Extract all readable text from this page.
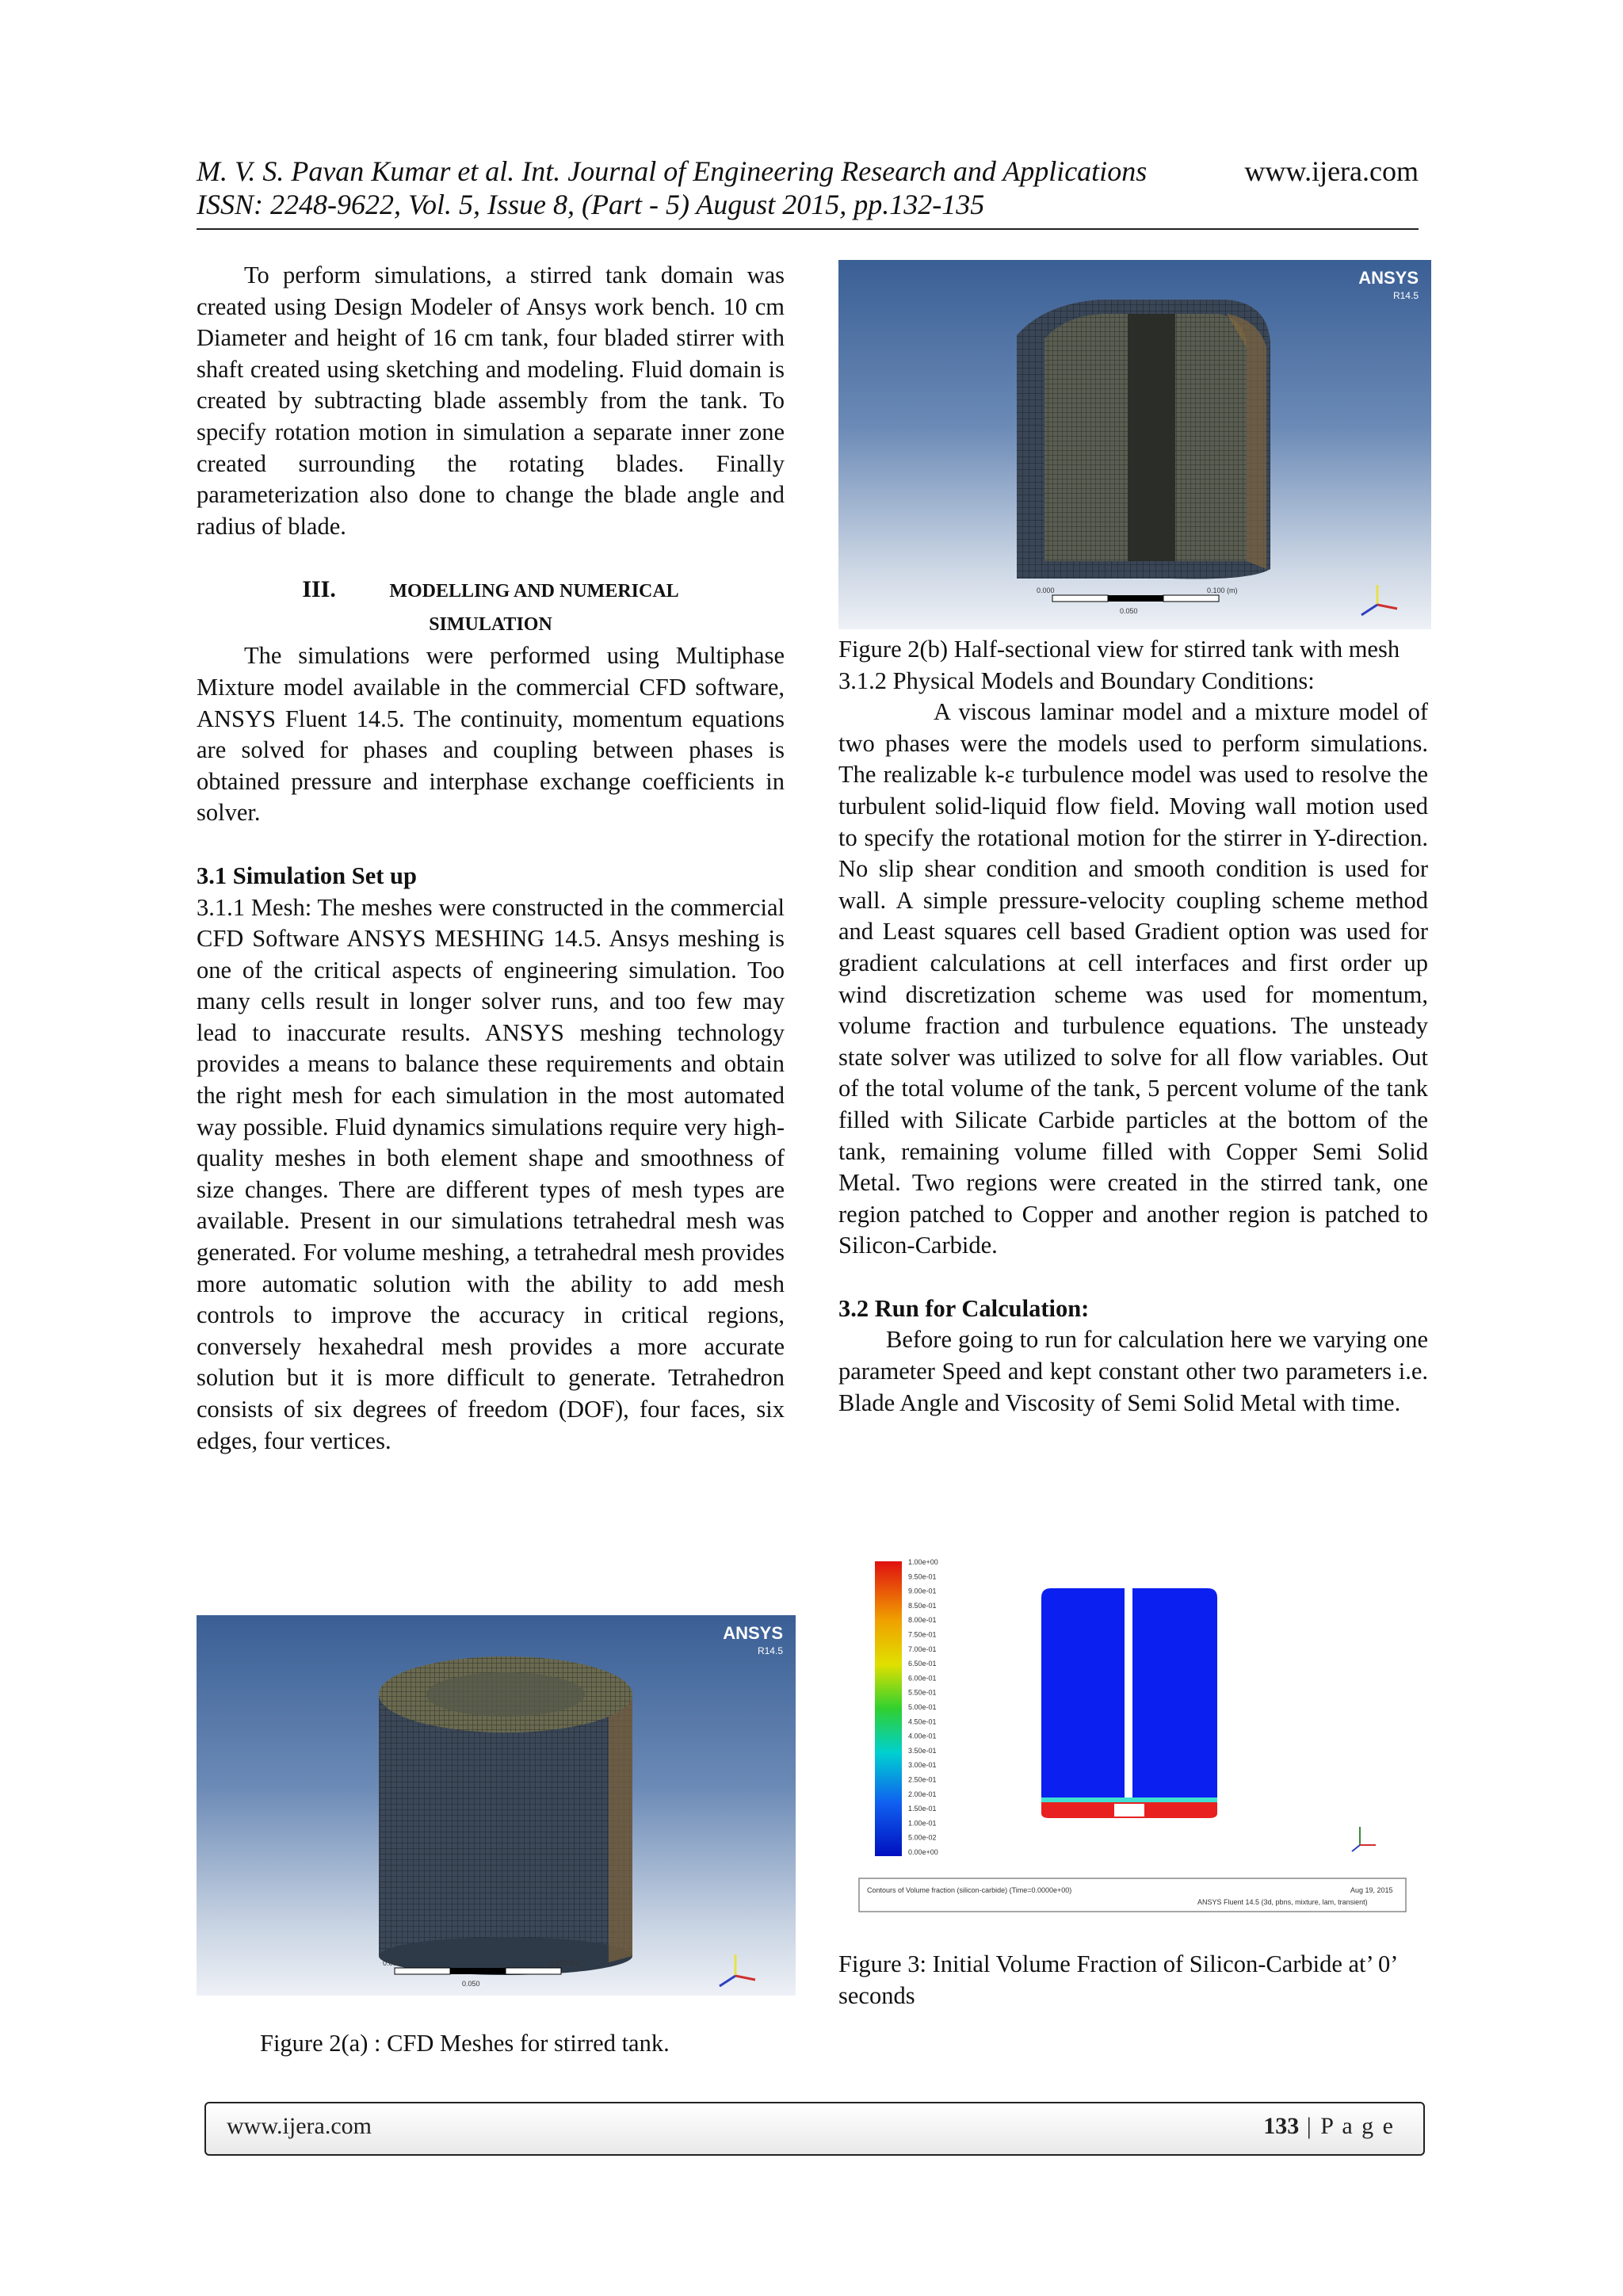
M. V. S. Pavan Kumar et al. Int. Journal of Engineering Research and Applications	www.ijera.com
ISSN: 2248-9622, Vol. 5, Issue 8, (Part - 5) August 2015, pp.132-135

To perform simulations, a stirred tank domain was created using Design Modeler of Ansys work bench. 10 cm Diameter and height of 16 cm tank, four bladed stirrer with shaft created using sketching and modeling. Fluid domain is created by subtracting blade assembly from the tank. To specify rotation motion in simulation a separate inner zone created surrounding the rotating blades. Finally parameterization also done to change the blade angle and radius of blade.

III.	MODELLING AND NUMERICAL

SIMULATION

The simulations were performed using Multiphase Mixture model available in the commercial CFD software, ANSYS Fluent 14.5. The continuity, momentum equations are solved for phases and coupling between phases is obtained pressure and interphase exchange coefficients in solver.

3.1 Simulation Set up

3.1.1 Mesh: The meshes were constructed in the commercial CFD Software ANSYS MESHING 14.5. Ansys meshing is one of the critical aspects of engineering simulation. Too many cells result in longer solver runs, and too few may lead to inaccurate results. ANSYS meshing technology provides a means to balance these requirements and obtain the right mesh for each simulation in the most automated way possible. Fluid dynamics simulations require very high-quality meshes in both element shape and smoothness of size changes. There are different types of mesh types are available. Present in our simulations tetrahedral mesh was generated. For volume meshing, a tetrahedral mesh provides more automatic solution with the ability to add mesh controls to improve the accuracy in critical regions, conversely hexahedral mesh provides a more accurate solution but it is more difficult to generate. Tetrahedron consists of six degrees of freedom (DOF), four faces, six edges, four vertices.

ANSYS
R14.5
0.000	0.100 (m)
0.050

Figure 2(b) Half-sectional view for stirred tank with mesh

3.1.2 Physical Models and Boundary Conditions:

A viscous laminar model and a mixture model of two phases were the models used to perform simulations. The realizable k-ε turbulence model was used to resolve the turbulent solid-liquid flow field. Moving wall motion used to specify the rotational motion for the stirrer in Y-direction. No slip shear condition and smooth condition is used for wall. A simple pressure-velocity coupling scheme method and Least squares cell based Gradient option was used for gradient calculations at cell interfaces and first order up wind discretization scheme was used for momentum, volume fraction and turbulence equations. The unsteady state solver was utilized to solve for all flow variables. Out of the total volume of the tank, 5 percent volume of the tank filled with Silicate Carbide particles at the bottom of the tank, remaining volume filled with Copper Semi Solid Metal. Two regions were created in the stirred tank, one region patched to Copper and another region is patched to Silicon-Carbide.

3.2 Run for Calculation:

Before going to run for calculation here we varying one parameter Speed and kept constant other two parameters i.e. Blade Angle and Viscosity of Semi Solid Metal with time.

ANSYS
R14.5
0.000	0.100 (m)
0.050
Figure 2(a) : CFD Meshes for stirred tank.
1.00e+00
9.50e-01
9.00e-01
8.50e-01
8.00e-01
7.50e-01
7.00e-01
6.50e-01
6.00e-01
5.50e-01
5.00e-01
4.50e-01
4.00e-01
3.50e-01
3.00e-01
2.50e-01
2.00e-01
1.50e-01
1.00e-01
5.00e-02
0.00e+00
Contours of Volume fraction (silicon-carbide) (Time=0.0000e+00)	Aug 19, 2015
ANSYS Fluent 14.5 (3d, pbns, mixture, lam, transient)
Figure 3: Initial Volume Fraction of Silicon-Carbide at’ 0’ seconds
www.ijera.com	133 | P a g e
